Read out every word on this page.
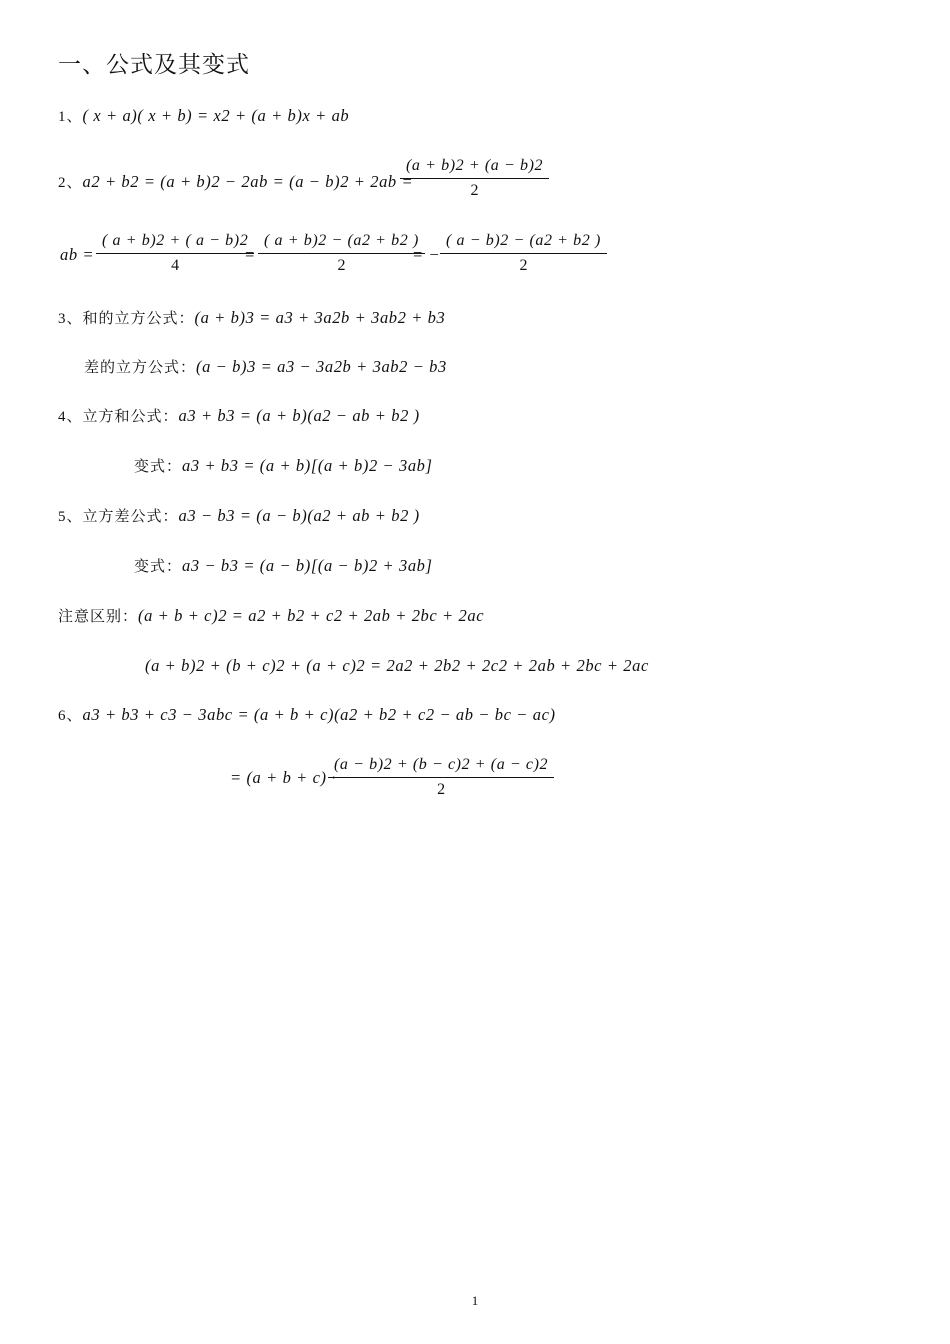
一、公式及其变式
1、( x + a)( x + b) = x2 + (a + b)x + ab
2、a2 + b2 = (a + b)2 − 2ab = (a − b)2 + 2ab =
$\frac{(a + b)2 + (a - b)2}{2}$
ab = $\frac{( a + b)2 + ( a - b)2}{4}$
= $\frac{( a + b)2 - (a2 + b2 )}{2}$
= − $\frac{( a - b)2 - (a2 + b2 )}{2}$
3、和的立方公式：(a + b)3 = a3 + 3a2b + 3ab2 + b3
差的立方公式：(a − b)3 = a3 − 3a2b + 3ab2 − b3
4、立方和公式：a3 + b3 = (a + b)(a2 − ab + b2 )
变式：a3 + b3 = (a + b)[(a + b)2 − 3ab]
5、立方差公式：a3 − b3 = (a − b)(a2 + ab + b2 )
变式：a3 − b3 = (a − b)[(a − b)2 + 3ab]
注意区别：(a + b + c)2 = a2 + b2 + c2 + 2ab + 2bc + 2ac
(a + b)2 + (b + c)2 + (a + c)2 = 2a2 + 2b2 + 2c2 + 2ab + 2bc + 2ac
6、a3 + b3 + c3 − 3abc = (a + b + c)(a2 + b2 + c2 − ab − bc − ac)
= (a + b + c) ·
$\frac{(a - b)2 + (b - c)2 + (a - c)2}{2}$
1
